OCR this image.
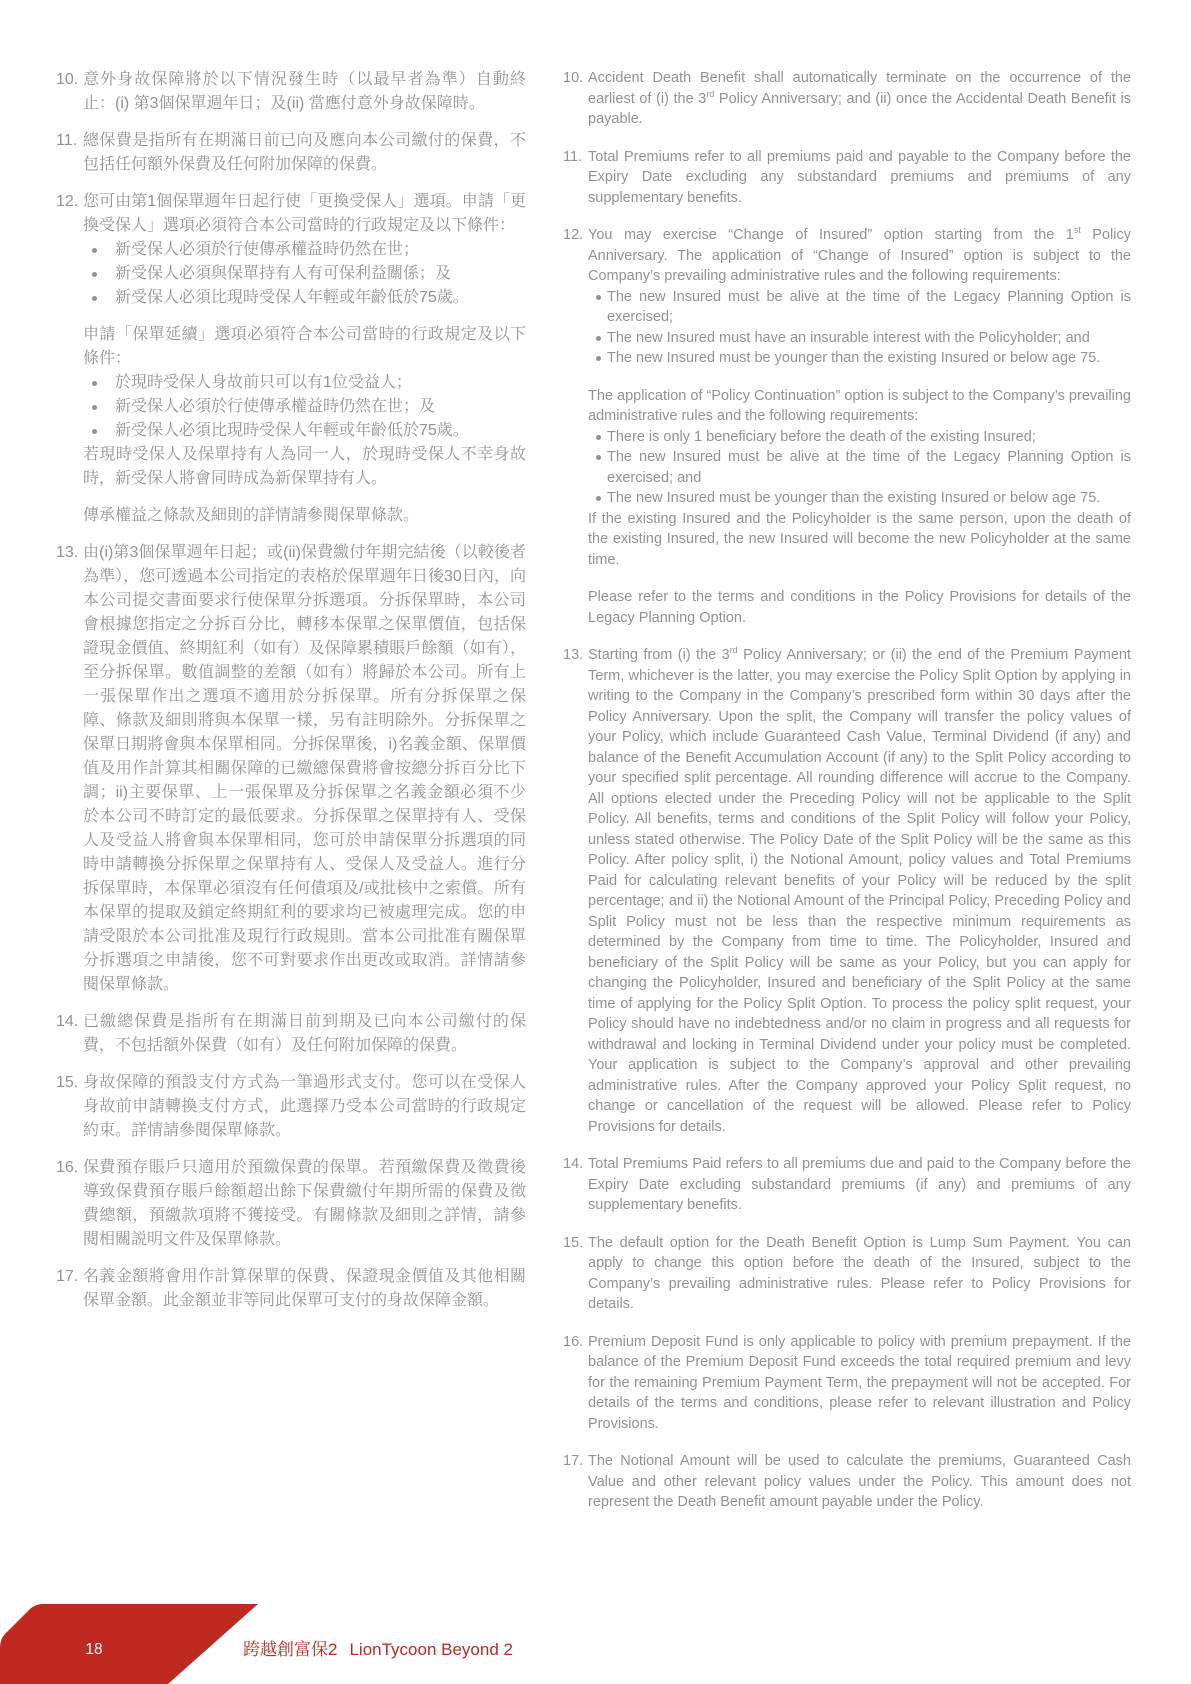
10. 意外身故保障將於以下情況發生時（以最早者為準）自動終止：(i) 第3個保單週年日；及(ii) 當應付意外身故保障時。

11. 總保費是指所有在期滿日前已向及應向本公司繳付的保費，不包括任何額外保費及任何附加保障的保費。

12. 您可由第1個保單週年日起行使「更換受保人」選項。申請「更換受保人」選項必須符合本公司當時的行政規定及以下條件：

新受保人必須於行使傳承權益時仍然在世；
新受保人必須與保單持有人有可保利益關係；及
新受保人必須比現時受保人年輕或年齡低於75歲。

申請「保單延續」選項必須符合本公司當時的行政規定及以下條件：

於現時受保人身故前只可以有1位受益人；
新受保人必須於行使傳承權益時仍然在世；及
新受保人必須比現時受保人年輕或年齡低於75歲。

若現時受保人及保單持有人為同一人，於現時受保人不幸身故時，新受保人將會同時成為新保單持有人。

傳承權益之條款及細則的詳情請參閱保單條款。

13. 由(i)第3個保單週年日起；或(ii)保費繳付年期完結後（以較後者為準），您可透過本公司指定的表格於保單週年日後30日內，向本公司提交書面要求行使保單分拆選項。分拆保單時，本公司會根據您指定之分拆百分比，轉移本保單之保單價值，包括保證現金價值、終期紅利（如有）及保障累積賬戶餘額（如有），至分拆保單。數值調整的差額（如有）將歸於本公司。所有上一張保單作出之選項不適用於分拆保單。所有分拆保單之保障、條款及細則將與本保單一樣，另有註明除外。分拆保單之保單日期將會與本保單相同。分拆保單後，i)名義金額、保單價值及用作計算其相關保障的已繳總保費將會按總分拆百分比下調；ii)主要保單、上一張保單及分拆保單之名義金額必須不少於本公司不時訂定的最低要求。分拆保單之保單持有人、受保人及受益人將會與本保單相同，您可於申請保單分拆選項的同時申請轉換分拆保單之保單持有人、受保人及受益人。進行分拆保單時，本保單必須沒有任何債項及/或批核中之索償。所有本保單的提取及鎖定終期紅利的要求均已被處理完成。您的申請受限於本公司批准及現行行政規則。當本公司批准有關保單分拆選項之申請後，您不可對要求作出更改或取消。詳情請參閱保單條款。

14. 已繳總保費是指所有在期滿日前到期及已向本公司繳付的保費，不包括額外保費（如有）及任何附加保障的保費。

15. 身故保障的預設支付方式為一筆過形式支付。您可以在受保人身故前申請轉換支付方式，此選擇乃受本公司當時的行政規定約束。詳情請參閱保單條款。

16. 保費預存賬戶只適用於預繳保費的保單。若預繳保費及徵費後導致保費預存賬戶餘額超出餘下保費繳付年期所需的保費及徵費總額，預繳款項將不獲接受。有關條款及細則之詳情，請參閱相關説明文件及保單條款。

17. 名義金額將會用作計算保單的保費、保證現金價值及其他相關保單金額。此金額並非等同此保單可支付的身故保障金額。

10. Accident Death Benefit shall automatically terminate on the occurrence of the earliest of (i) the 3rd Policy Anniversary; and (ii) once the Accidental Death Benefit is payable.

11. Total Premiums refer to all premiums paid and payable to the Company before the Expiry Date excluding any substandard premiums and premiums of any supplementary benefits.

12. You may exercise “Change of Insured” option starting from the 1st Policy Anniversary. The application of “Change of Insured” option is subject to the Company’s prevailing administrative rules and the following requirements:

The new Insured must be alive at the time of the Legacy Planning Option is exercised;
The new Insured must have an insurable interest with the Policyholder; and
The new Insured must be younger than the existing Insured or below age 75.

The application of “Policy Continuation” option is subject to the Company’s prevailing administrative rules and the following requirements:

There is only 1 beneficiary before the death of the existing Insured;
The new Insured must be alive at the time of the Legacy Planning Option is exercised; and
The new Insured must be younger than the existing Insured or below age 75.

If the existing Insured and the Policyholder is the same person, upon the death of the existing Insured, the new Insured will become the new Policyholder at the same time.

Please refer to the terms and conditions in the Policy Provisions for details of the Legacy Planning Option.

13. Starting from (i) the 3rd Policy Anniversary; or (ii) the end of the Premium Payment Term, whichever is the latter, you may exercise the Policy Split Option by applying in writing to the Company in the Company’s prescribed form within 30 days after the Policy Anniversary. Upon the split, the Company will transfer the policy values of your Policy, which include Guaranteed Cash Value, Terminal Dividend (if any) and balance of the Benefit Accumulation Account (if any) to the Split Policy according to your specified split percentage. All rounding difference will accrue to the Company. All options elected under the Preceding Policy will not be applicable to the Split Policy. All benefits, terms and conditions of the Split Policy will follow your Policy, unless stated otherwise. The Policy Date of the Split Policy will be the same as this Policy. After policy split, i) the Notional Amount, policy values and Total Premiums Paid for calculating relevant benefits of your Policy will be reduced by the split percentage; and ii) the Notional Amount of the Principal Policy, Preceding Policy and Split Policy must not be less than the respective minimum requirements as determined by the Company from time to time. The Policyholder, Insured and beneficiary of the Split Policy will be same as your Policy, but you can apply for changing the Policyholder, Insured and beneficiary of the Split Policy at the same time of applying for the Policy Split Option. To process the policy split request, your Policy should have no indebtedness and/or no claim in progress and all requests for withdrawal and locking in Terminal Dividend under your policy must be completed. Your application is subject to the Company’s approval and other prevailing administrative rules. After the Company approved your Policy Split request, no change or cancellation of the request will be allowed. Please refer to Policy Provisions for details.

14. Total Premiums Paid refers to all premiums due and paid to the Company before the Expiry Date excluding substandard premiums (if any) and premiums of any supplementary benefits.

15. The default option for the Death Benefit Option is Lump Sum Payment. You can apply to change this option before the death of the Insured, subject to the Company’s prevailing administrative rules. Please refer to Policy Provisions for details.

16. Premium Deposit Fund is only applicable to policy with premium prepayment. If the balance of the Premium Deposit Fund exceeds the total required premium and levy for the remaining Premium Payment Term, the prepayment will not be accepted. For details of the terms and conditions, please refer to relevant illustration and Policy Provisions.

17. The Notional Amount will be used to calculate the premiums, Guaranteed Cash Value and other relevant policy values under the Policy. This amount does not represent the Death Benefit amount payable under the Policy.

18	跨越創富保2 LionTycoon Beyond 2
